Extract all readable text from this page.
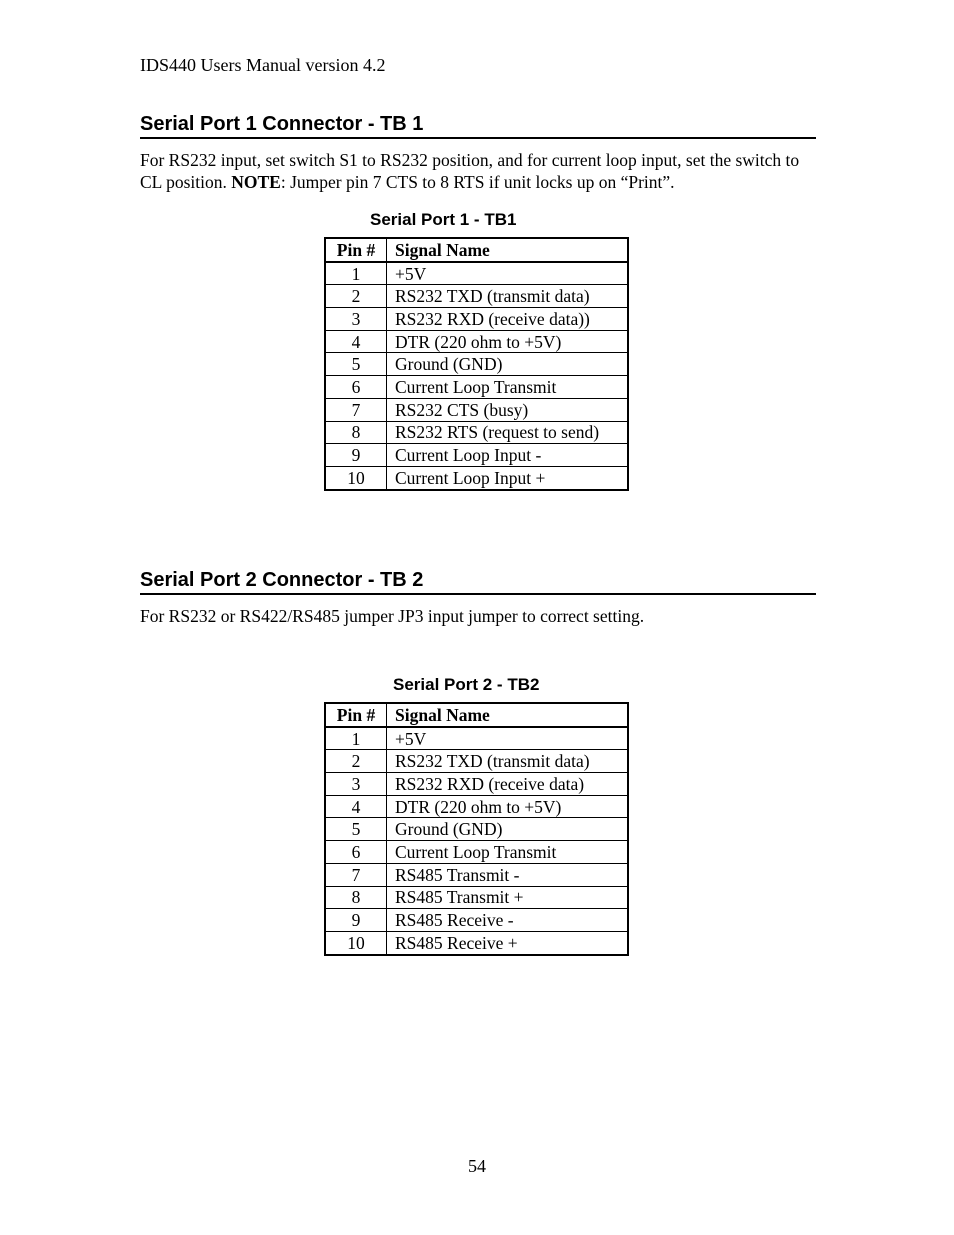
IDS440 Users Manual version 4.2
Serial Port 1 Connector - TB 1
For RS232 input, set switch S1 to RS232 position, and for current loop input, set the switch to CL position. NOTE: Jumper pin 7 CTS to 8 RTS if unit locks up on “Print”.
Serial Port 1 - TB1
Pin #	Signal Name
1	+5V
2	RS232 TXD (transmit data)
3	RS232 RXD (receive data))
4	DTR (220 ohm to +5V)
5	Ground (GND)
6	Current Loop Transmit
7	RS232 CTS (busy)
8	RS232 RTS (request to send)
9	Current Loop Input -
10	Current Loop Input +
Serial Port 2 Connector - TB 2
For RS232 or RS422/RS485 jumper JP3 input jumper to correct setting.
Serial Port 2 - TB2
Pin #	Signal Name
1	+5V
2	RS232 TXD (transmit data)
3	RS232 RXD (receive data)
4	DTR (220 ohm to +5V)
5	Ground (GND)
6	Current Loop Transmit
7	RS485 Transmit -
8	RS485 Transmit +
9	RS485 Receive -
10	RS485 Receive +
54
